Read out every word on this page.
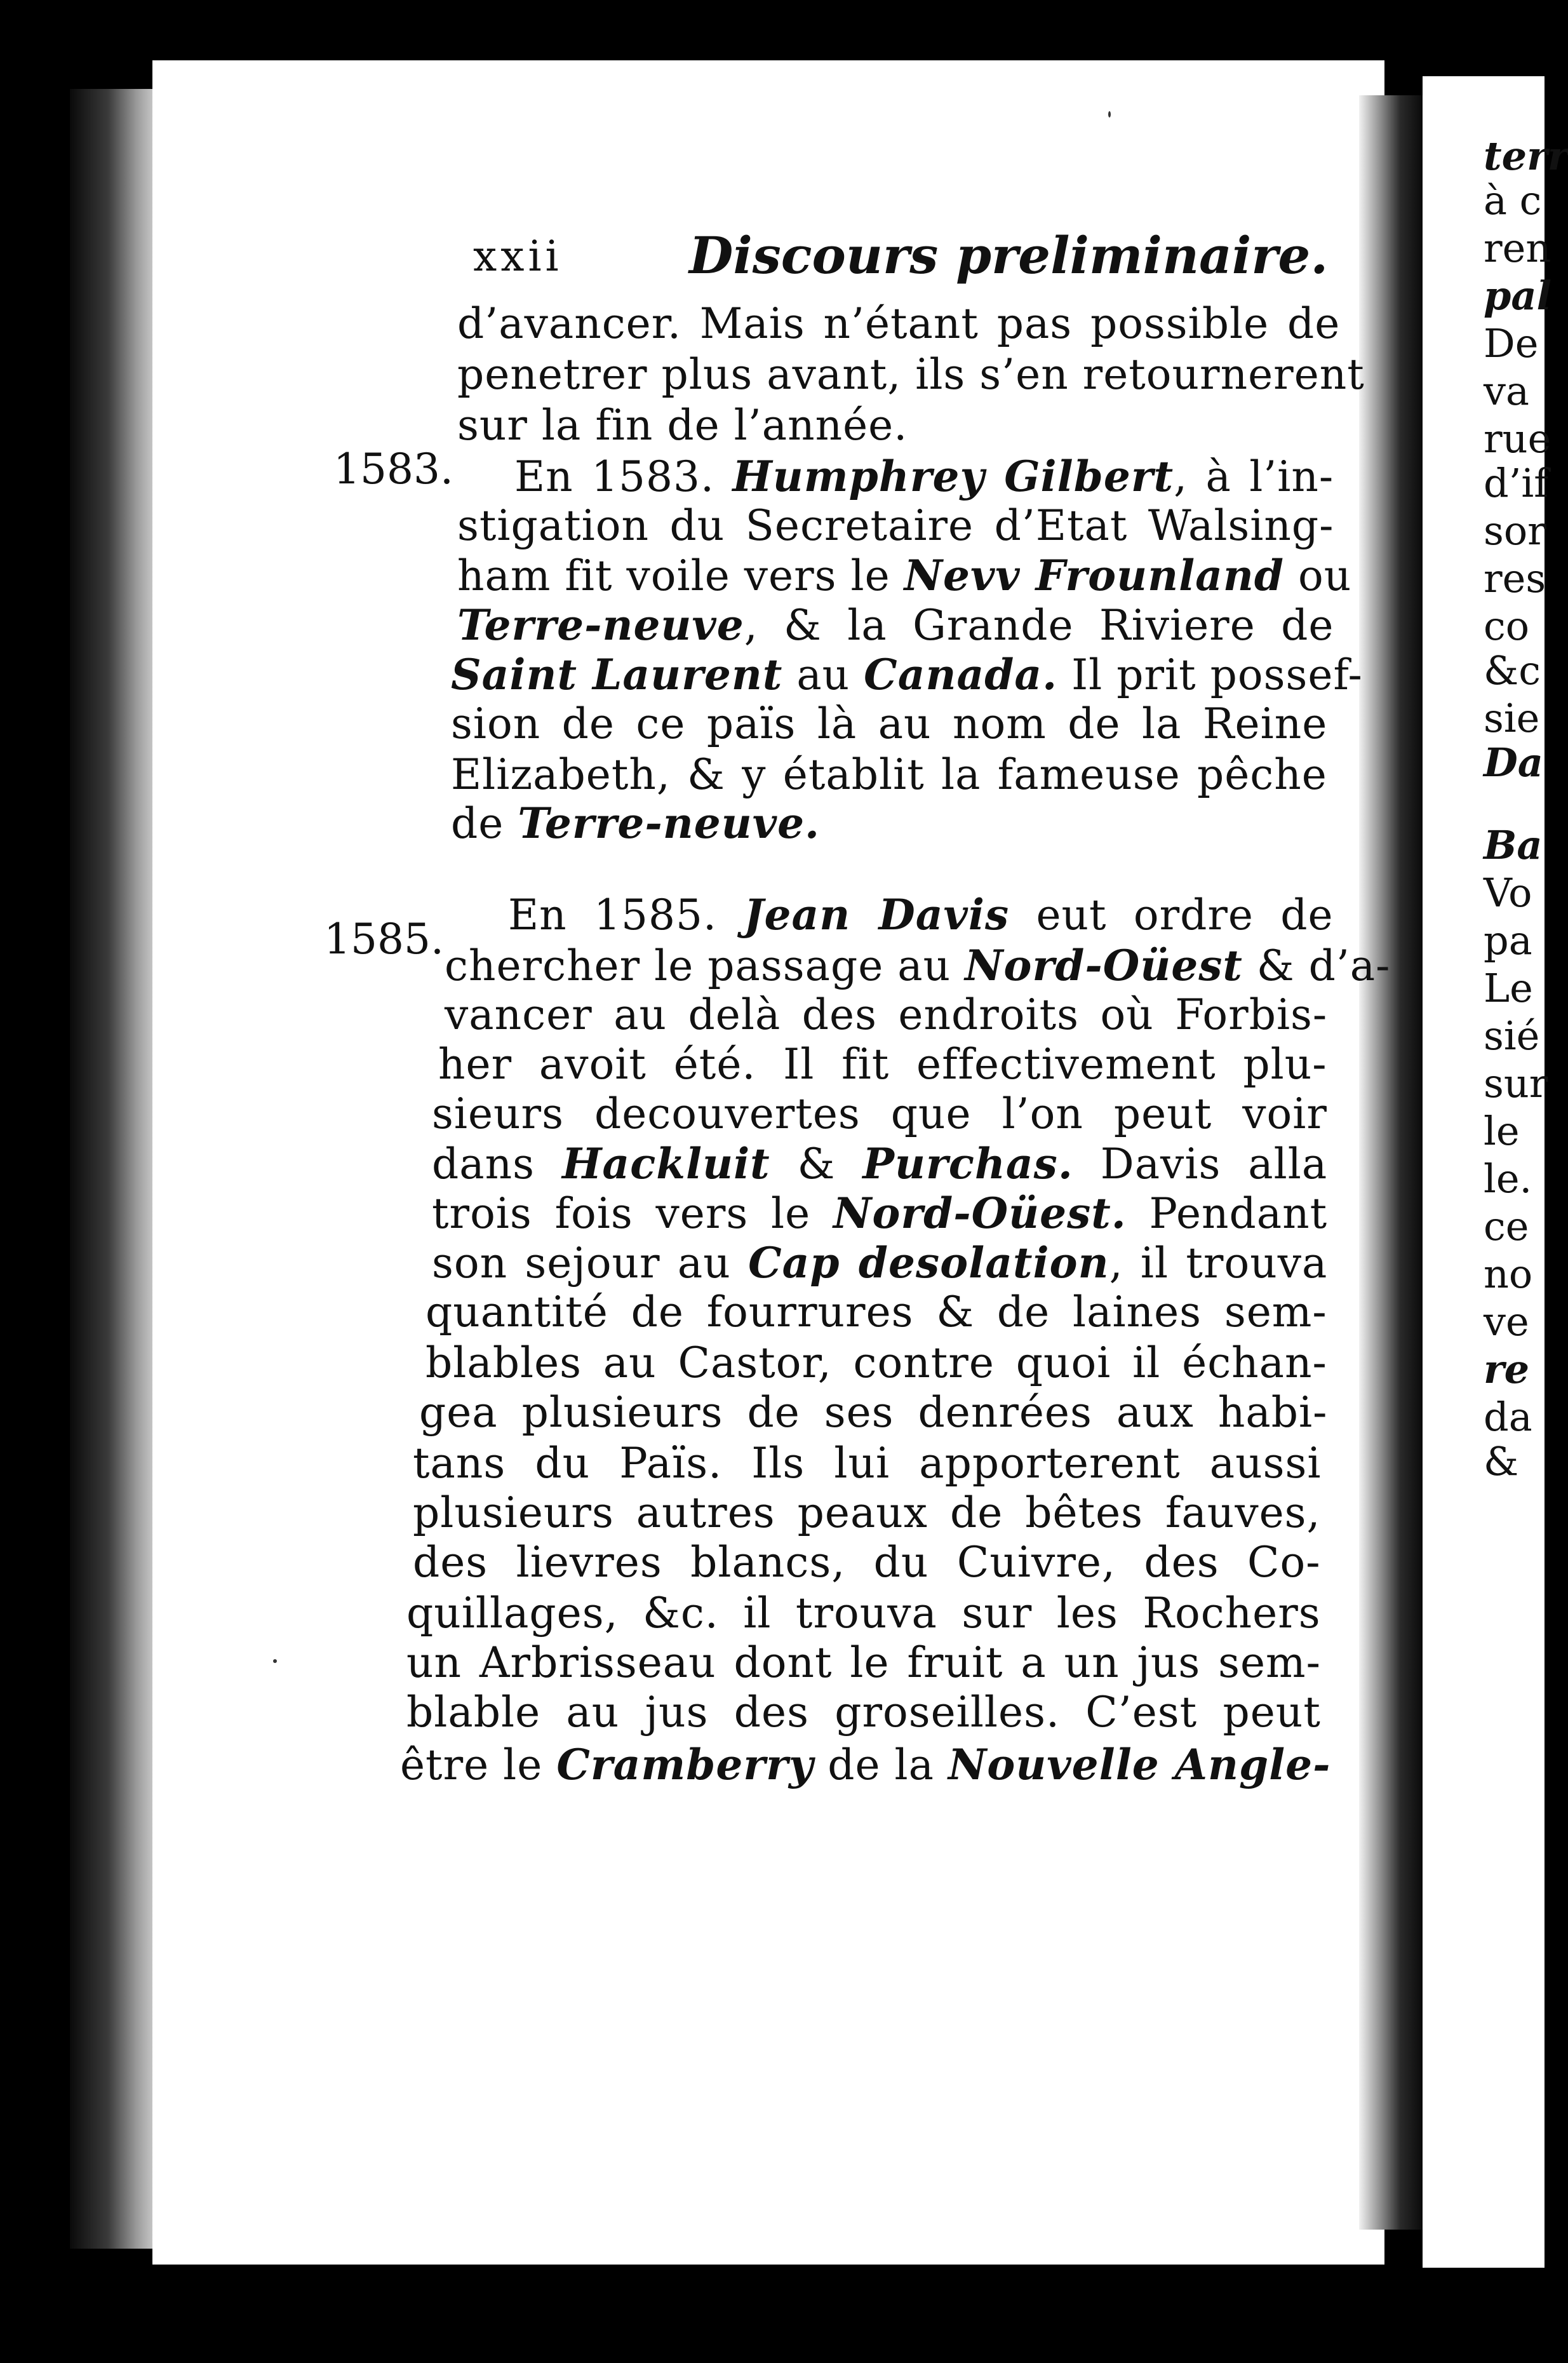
terr
à c
ren
pal
De
va
rue
d’if
sor
res
co
&c
sie
Da
Ba
Vo
pa
Le
sié
sur
le
le.
ce
no
ve
re
da
&
xxii Discours preliminaire.
1583.
1585.
d’avancer. Mais n’étant pas possible de
penetrer plus avant, ils s’en retournerent
sur la fin de l’année.
En 1583. Humphrey Gilbert, à l’in-
stigation du Secretaire d’Etat Walsing-
ham fit voile vers le Nevv Frounland ou
Terre-neuve, & la Grande Riviere de
Saint Laurent au Canada. Il prit possef-
sion de ce païs là au nom de la Reine
Elizabeth, & y établit la fameuse pêche
de Terre-neuve.
En 1585. Jean Davis eut ordre de
chercher le passage au Nord-Oüest & d’a-
vancer au delà des endroits où Forbis-
her avoit été. Il fit effectivement plu-
sieurs decouvertes que l’on peut voir
dans Hackluit & Purchas. Davis alla
trois fois vers le Nord-Oüest. Pendant
son sejour au Cap desolation, il trouva
quantité de fourrures & de laines sem-
blables au Castor, contre quoi il échan-
gea plusieurs de ses denrées aux habi-
tans du Païs. Ils lui apporterent aussi
plusieurs autres peaux de bêtes fauves,
des lievres blancs, du Cuivre, des Co-
quillages, &c. il trouva sur les Rochers
un Arbrisseau dont le fruit a un jus sem-
blable au jus des groseilles. C’est peut
être le Cramberry de la Nouvelle Angle-
